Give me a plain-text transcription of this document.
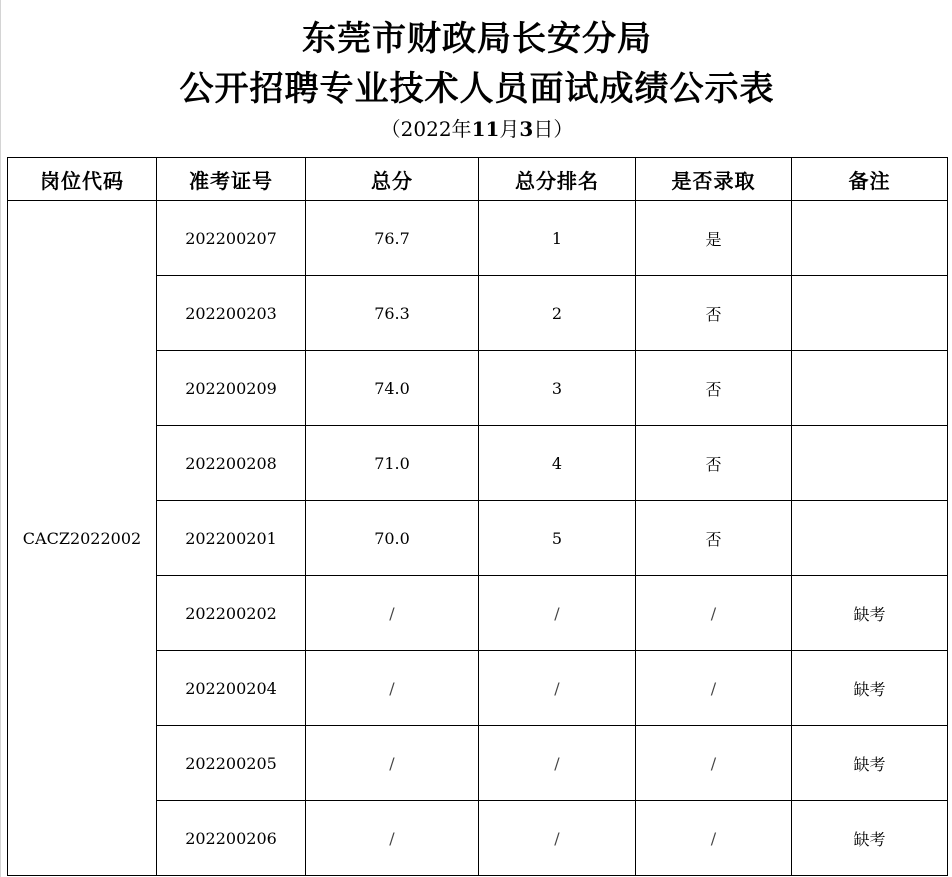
东莞市财政局长安分局
公开招聘专业技术人员面试成绩公示表
（2022年11月3日）
岗位代码	准考证号	总分	总分排名	是否录取	备注
CACZ2022002	202200207	76.7	1	是	
	202200203	76.3	2	否	
	202200209	74.0	3	否	
	202200208	71.0	4	否	
	202200201	70.0	5	否	
	202200202	/	/	/	缺考
	202200204	/	/	/	缺考
	202200205	/	/	/	缺考
	202200206	/	/	/	缺考
